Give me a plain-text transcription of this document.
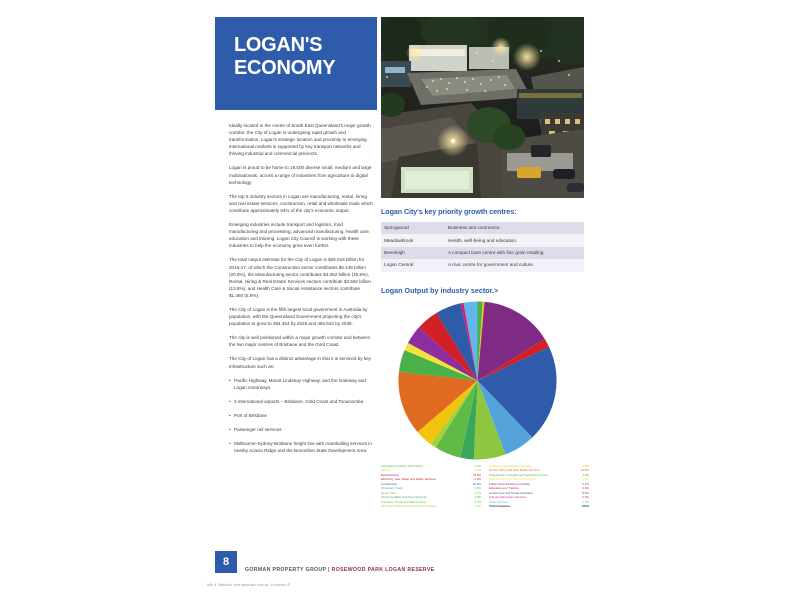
LOGAN'S
ECONOMY

Ideally located in the centre of South East Queensland's major growth corridor, the City of Logan is undergoing rapid growth and transformation. Logan's strategic location and proximity to emerging international markets is supported by key transport networks and thriving industrial and commercial precincts.

Logan is proud to be home to 19,500 diverse small, medium and large multinationals, across a range of industries from agriculture to digital technology.

The top 5 industry sectors in Logan are manufacturing, rental, hiring and real estate services, construction, retail and wholesale trade which contribute approximately 64% of the city's economic output.

Emerging industries include transport and logistics, food manufacturing and processing, advanced manufacturing, health care, education and training. Logan City Council is working with these industries to help the economy grow even further.

The total output estimate for the City of Logan is $26.018 billion for 2016-17, of which the Construction sector contributes $5.449 billion (20.9%), the Manufacturing sector contributes $4.052 billion (15.6%), Rental, Hiring & Real Estate Services sectors contribute $3.592 billion (13.8%), and Health Care & Social Assistance sectors contribute $1.460 (5.6%).

The City of Logan is the fifth largest local government in Australia by population, with the Queensland Government projecting the city's population to grow to 384,454 by 2026 and 490,522 by 2036.

The city is well positioned within a major growth corridor and between the two major centres of Brisbane and the Gold Coast.

The City of Logan has a distinct advantage in that it is serviced by key infrastructure such as:

• Pacific Highway, Mount Lindesay Highway, and the Gateway and Logan motorways
• 3 international airports – Brisbane, Gold Coast and Toowoomba
• Port of Brisbane
• Passenger rail services
• Melbourne-Sydney-Brisbane freight line with marshalling services in nearby Acacia Ridge and the Bromelton State Development Area.
Logan City's key priority growth centres:
Springwood	Business and commerce.
Meadowbrook	Health, well-being and education.
Beenleigh	A compact town centre with fine grain retailing.
Logan Central	A civic centre for government and culture.
Logan Output by industry sector.>
Agriculture, Forestry and Fishing	1.1%
Mining	0.4%
Manufacturing	15.6%
Electricity, Gas, Water and Waste Services	2.0%
Construction	20.9%
Wholesale Trade	6.8%
Retail Trade	6.9%
Accommodation and Food Services	2.9%
Transport, Postal and Warehousing	5.7%
Information Media and Telecommunications	1.3%
Financial and Insurance Services	3.8%
Rental, Hiring and Real Estate Services	13.8%
Professional, Scientific and Technical Services	4.8%
Administrative and Support Services	1.7%
Public Administration and Safety	4.1%
Education and Training	4.8%
Health Care and Social Assistance	5.6%
Arts and Recreation Services	0.6%
Other Services	3.0%
Total Industries	100%
8
GORMAN PROPERTY GROUP | ROSEWOOD PARK LOGAN RESERVE
Info & Statistics from www.abs.com.au, Economy ID
